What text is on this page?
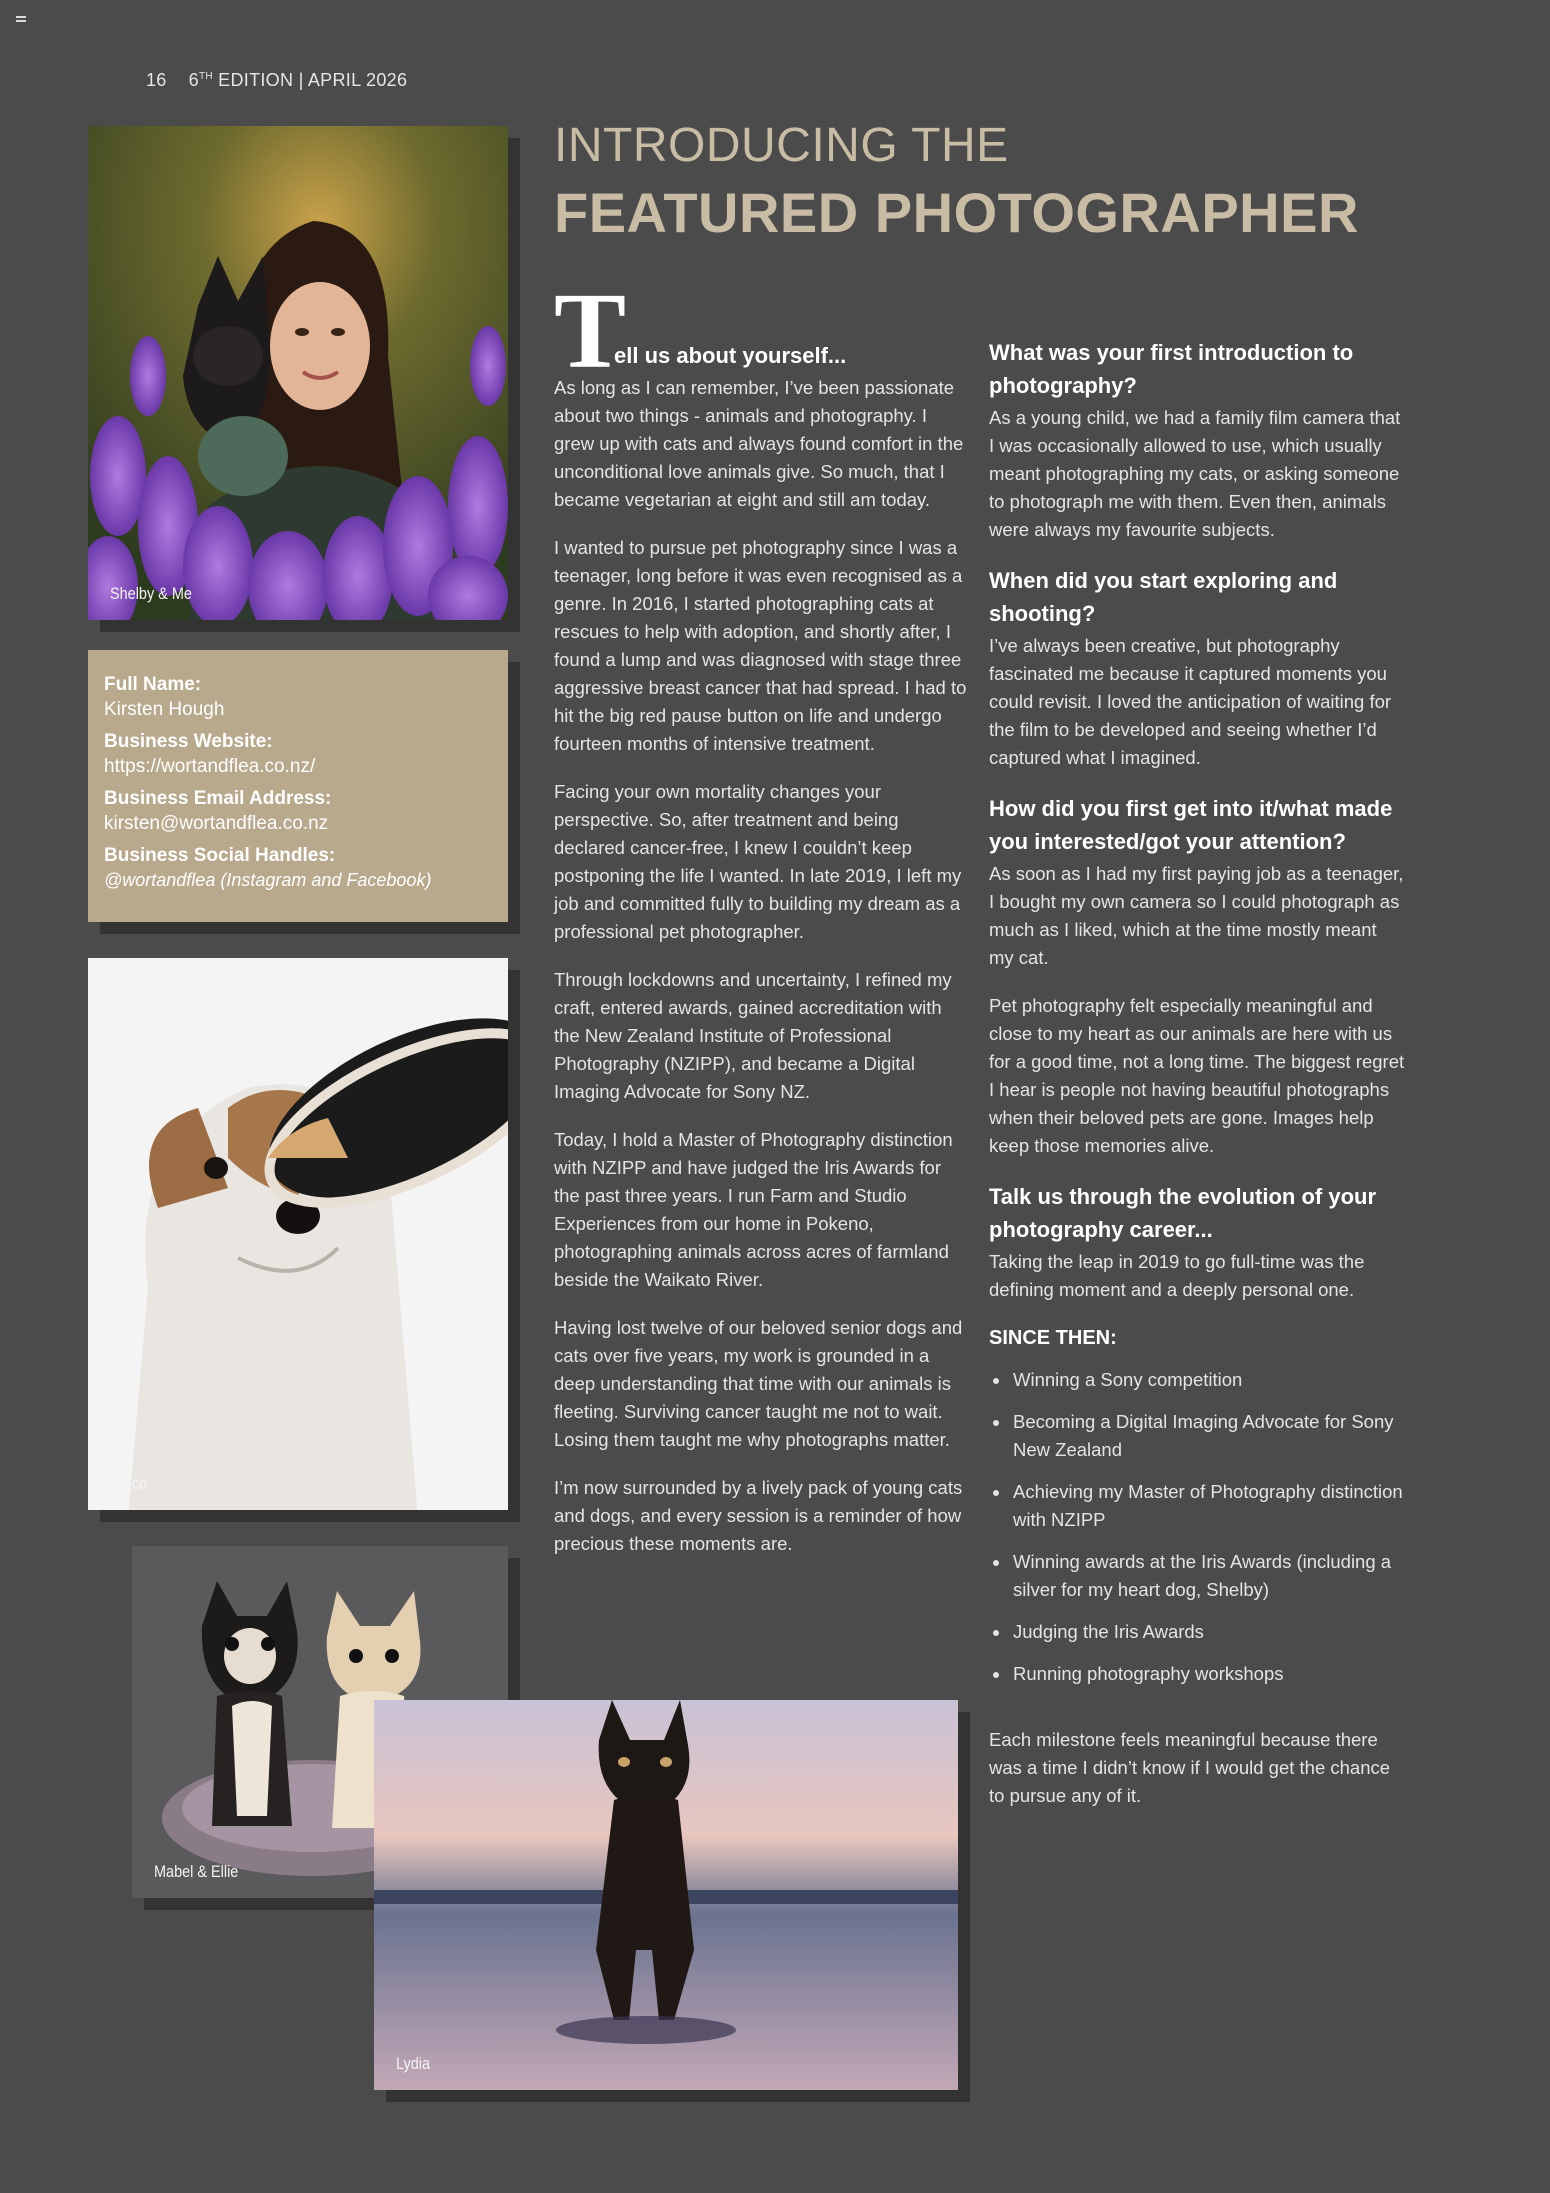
16 6TH EDITION | APRIL 2026
Shelby & Me
Full Name:
Kirsten Hough
Business Website:
https://wortandflea.co.nz/
Business Email Address:
kirsten@wortandflea.co.nz
Business Social Handles:
@wortandflea (Instagram and Facebook)
Chico
Mabel & Ellie
Lydia
INTRODUCING THE
FEATURED PHOTOGRAPHER
T
ell us about yourself...

As long as I can remember, I’ve been passionate about two things - animals and photography. I grew up with cats and always found comfort in the unconditional love animals give. So much, that I became vegetarian at eight and still am today.

I wanted to pursue pet photography since I was a teenager, long before it was even recognised as a genre. In 2016, I started photographing cats at rescues to help with adoption, and shortly after, I found a lump and was diagnosed with stage three aggressive breast cancer that had spread. I had to hit the big red pause button on life and undergo fourteen months of intensive treatment.

Facing your own mortality changes your perspective. So, after treatment and being declared cancer-free, I knew I couldn’t keep postponing the life I wanted. In late 2019, I left my job and committed fully to building my dream as a professional pet photographer.

Through lockdowns and uncertainty, I refined my craft, entered awards, gained accreditation with the New Zealand Institute of Professional Photography (NZIPP), and became a Digital Imaging Advocate for Sony NZ.

Today, I hold a Master of Photography distinction with NZIPP and have judged the Iris Awards for the past three years. I run Farm and Studio Experiences from our home in Pokeno, photographing animals across acres of farmland beside the Waikato River.

Having lost twelve of our beloved senior dogs and cats over five years, my work is grounded in a deep understanding that time with our animals is fleeting. Surviving cancer taught me not to wait. Losing them taught me why photographs matter.

I’m now surrounded by a lively pack of young cats and dogs, and every session is a reminder of how precious these moments are.

What was your first introduction to photography?

As a young child, we had a family film camera that I was occasionally allowed to use, which usually meant photographing my cats, or asking someone to photograph me with them. Even then, animals were always my favourite subjects.

When did you start exploring and shooting?

I’ve always been creative, but photography fascinated me because it captured moments you could revisit. I loved the anticipation of waiting for the film to be developed and seeing whether I’d captured what I imagined.

How did you first get into it/what made you interested/got your attention?

As soon as I had my first paying job as a teenager, I bought my own camera so I could photograph as much as I liked, which at the time mostly meant my cat.

Pet photography felt especially meaningful and close to my heart as our animals are here with us for a good time, not a long time. The biggest regret I hear is people not having beautiful photographs when their beloved pets are gone. Images help keep those memories alive.

Talk us through the evolution of your photography career...

Taking the leap in 2019 to go full-time was the defining moment and a deeply personal one.

SINCE THEN:
• Winning a Sony competition
• Becoming a Digital Imaging Advocate for Sony New Zealand
• Achieving my Master of Photography distinction with NZIPP
• Winning awards at the Iris Awards (including a silver for my heart dog, Shelby)
• Judging the Iris Awards
• Running photography workshops

Each milestone feels meaningful because there was a time I didn’t know if I would get the chance to pursue any of it.
